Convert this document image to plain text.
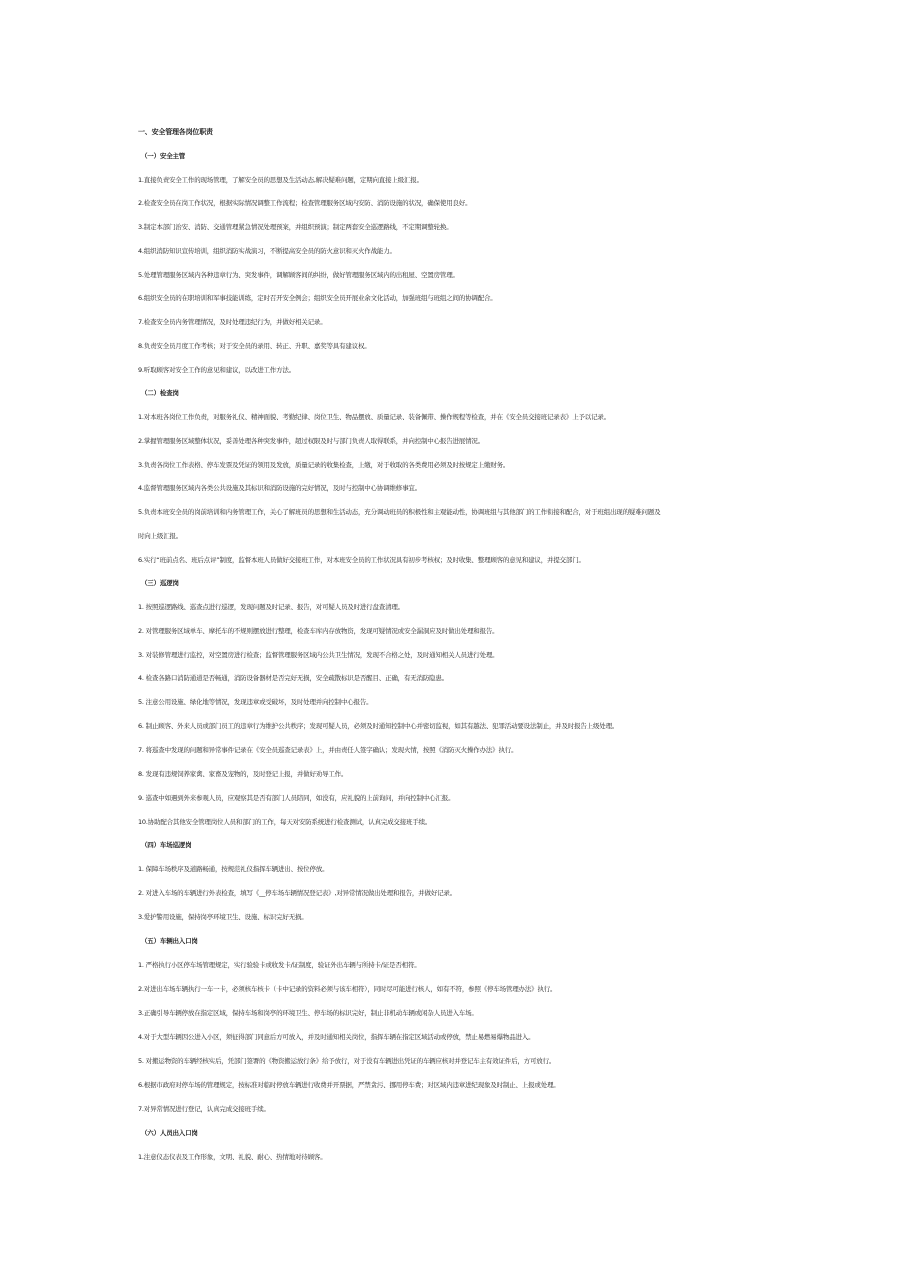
一、安全管理各岗位职责
（一）安全主管
1.直接负责安全工作的现场管理，了解安全员的思想及生活动态,解决疑难问题，定期向直接上级汇报。
2.检查安全员在岗工作状况，根据实际情况调整工作流程；检查管理服务区域内安防、消防设施的状况，确保使用良好。
3.制定本部门治安、消防、交通管理紧急情况处理预案，并组织预演；制定两套安全巡逻路线，不定期调整轮换。
4.组织消防知识宣传培训，组织消防实战演习，不断提高安全员的防火意识和灭火作战能力。
5.处理管理服务区域内各种违章行为、突发事件，调解顾客间的纠纷，做好管理服务区域内的出租屋、空置房管理。
6.组织安全员的在职培训和军事技能训练，定时召开安全例会；组织安全员开展业余文化活动，加强班组与班组之间的协调配合。
7.检查安全员内务管理情况，及时处理违纪行为，并做好相关记录。
8.负责安全员月度工作考核；对于安全员的录用、转正、升职、嘉奖等具有建议权。
9.听取顾客对安全工作的意见和建议，以改进工作方法。
（二）检查岗
1.对本班各岗位工作负责，对服务礼仪、精神面貌、考勤纪律、岗位卫生、物品摆放、质量记录、装备佩带、操作规程等检查，并在《安全员交接班记录表》上予以记录。
2.掌握管理服务区域整体状况，妥善处理各种突发事件，超过权限及时与部门负责人取得联系，并向控制中心报告进展情况。
3.负责各岗位工作表格、停车发票及凭证的领用及发放，质量记录的收集检查，上缴，对于收取的各类费用必须及时按规定上缴财务。
4.监督管理服务区域内各类公共设施及其标识和消防设施的完好情况，及时与控制中心协调维修事宜。
5.负责本班安全员的岗前培训和内务管理工作，关心了解班员的思想和生活动态，充分调动班员的积极性和主观能动性，协调班组与其他部门的工作衔接和配合，对于班组出现的疑难问题及
时向上级汇报。
6.实行“班前点名、班后点评”制度，监督本班人员做好交接班工作，对本班安全员的工作状况具有初步考核权；及时收集、整理顾客的意见和建议，并提交部门。
（三）巡逻岗
1. 按照巡逻路线、巡查点进行巡逻，发现问题及时记录、报告，对可疑人员及时进行盘查清理。
2. 对管理服务区域单车、摩托车的不规则摆放进行整理，检查车库内存放物资，发现可疑情况或安全漏洞应及时做出处理和报告。
3. 对装修管理进行监控，对空置房进行检查；监督管理服务区域内公共卫生情况，发现不合格之处，及时通知相关人员进行处理。
4. 检查各路口消防通道是否畅通，消防设备器材是否完好无损，安全疏散标识是否醒目、正确，有无消防隐患。
5. 注意公用设施、绿化地等情况，发现违章或受破坏，及时处理并向控制中心报告。
6. 制止顾客、外来人员或部门员工的违章行为维护公共秩序；发现可疑人员，必须及时通知控制中心并密切监视，如其有越法、犯罪活动要设法制止，并及时报告上级处理。
7. 将巡查中发现的问题和异常事件记录在《安全员巡查记录表》上，并由责任人签字确认；发现火情，按照《消防灭火操作办法》执行。
8. 发现有违规饲养家禽、家畜及宠物的，及时登记上报，并做好劝导工作。
9. 巡查中如遇到外来参观人员，应观察其是否有部门人员陪同，如没有，应礼貌的上前询问，并向控制中心汇报。
10.协助配合其他安全管理岗位人员和部门的工作，每天对安防系统进行检查测试，认真完成交接班手续。
（四）车场巡逻岗
1. 保障车场秩序及道路畅通，按规范礼仪指挥车辆进出、按位停放。
2. 对进入车场的车辆进行外表检查，填写《__停车场车辆情况登记表》,对异常情况做出处理和报告，并做好记录。
3.爱护警用设施，保持岗亭环境卫生、设施、标识完好无损。
（五）车辆出入口岗
1. 严格执行小区停车场管理规定，实行验验卡或收发卡/证制度，验证外出车辆与所持卡/证是否相符。
2.对进出车场车辆执行一车一卡，必须核车核卡（卡中记录的资料必须与该车相符），同时尽可能进行核人，如有不符，参照《停车场管理办法》执行。
3.正确引导车辆停放在指定区域，保持车场和岗亭的环境卫生、停车场的标识完好，制止非机动车辆或闲杂人员进入车场。
4.对于大型车辆因公进入小区，须征得部门同意后方可放入，并及时通知相关岗位，指挥车辆在指定区域活动或停放，禁止易燃易爆物品进入。
5. 对搬运物资的车辆经核实后，凭部门签署的《物资搬运放行条》给予放行，对于没有车辆进出凭证的车辆应核对并登记车主有效证件后，方可放行。
6.根据市政府对停车场的管理规定，按标准对临时停放车辆进行收费并开票据，严禁贪污、挪用停车费；对区域内违章进纪现象及时制止、上报或处理。
7.对异常情况进行登记，认真完成交接班手续。
（六）人员出入口岗
1.注意仪态仪表及工作形象，文明、礼貌、耐心、热情地对待顾客。
